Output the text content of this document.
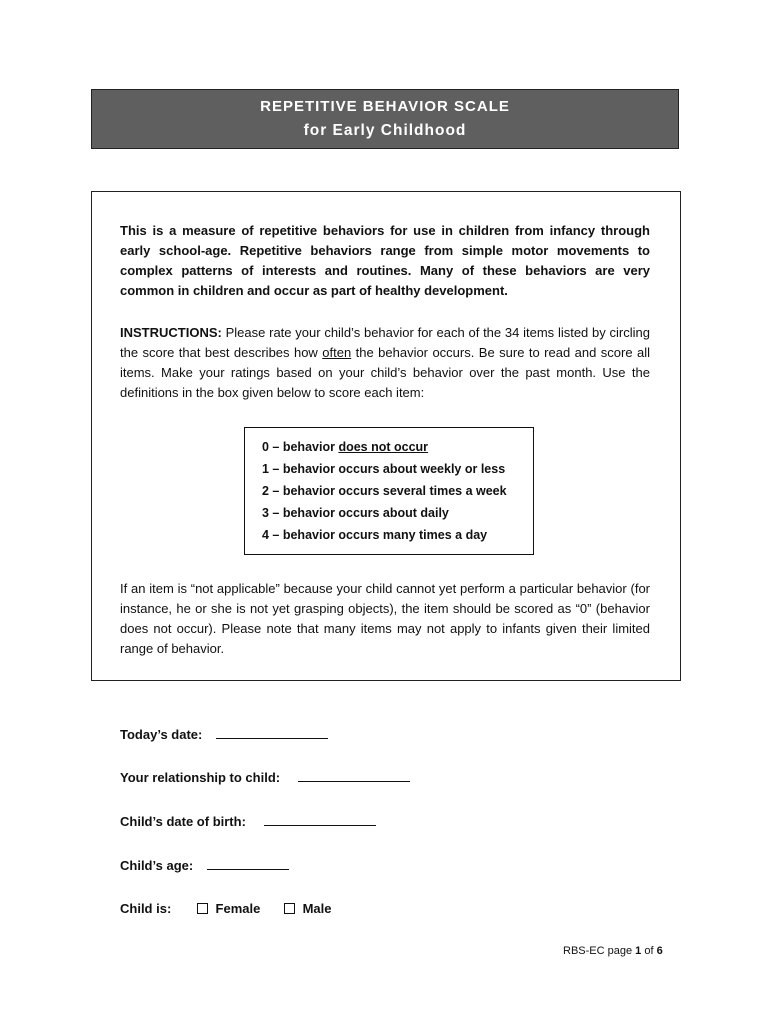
REPETITIVE BEHAVIOR SCALE
for Early Childhood
This is a measure of repetitive behaviors for use in children from infancy through early school-age. Repetitive behaviors range from simple motor movements to complex patterns of interests and routines. Many of these behaviors are very common in children and occur as part of healthy development.
INSTRUCTIONS: Please rate your child’s behavior for each of the 34 items listed by circling the score that best describes how often the behavior occurs. Be sure to read and score all items. Make your ratings based on your child’s behavior over the past month. Use the definitions in the box given below to score each item:
0 – behavior does not occur
1 – behavior occurs about weekly or less
2 – behavior occurs several times a week
3 – behavior occurs about daily
4 – behavior occurs many times a day
If an item is “not applicable” because your child cannot yet perform a particular behavior (for instance, he or she is not yet grasping objects), the item should be scored as “0” (behavior does not occur). Please note that many items may not apply to infants given their limited range of behavior.
Today’s date:
Your relationship to child:
Child’s date of birth:
Child’s age:
Child is:	Female	Male
RBS-EC page 1 of 6
